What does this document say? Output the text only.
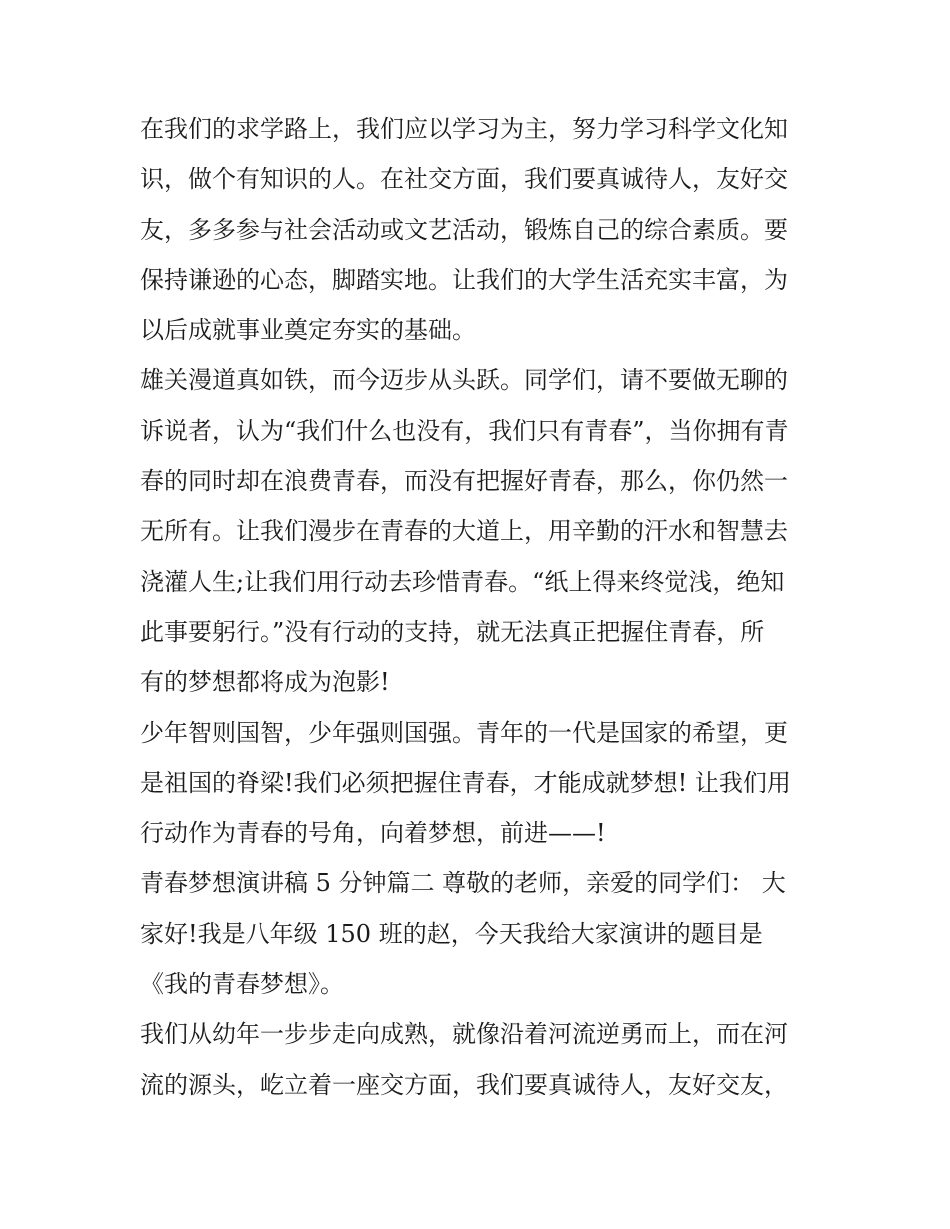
在我们的求学路上，我们应以学习为主，努力学习科学文化知
识，做个有知识的人。在社交方面，我们要真诚待人，友好交
友，多多参与社会活动或文艺活动，锻炼自己的综合素质。要
保持谦逊的心态，脚踏实地。让我们的大学生活充实丰富，为
以后成就事业奠定夯实的基础。
雄关漫道真如铁，而今迈步从头跃。同学们，请不要做无聊的
诉说者，认为“我们什么也没有，我们只有青春”，当你拥有青
春的同时却在浪费青春，而没有把握好青春，那么，你仍然一
无所有。让我们漫步在青春的大道上，用辛勤的汗水和智慧去
浇灌人生;让我们用行动去珍惜青春。“纸上得来终觉浅，绝知
此事要躬行。”没有行动的支持，就无法真正把握住青春，所
有的梦想都将成为泡影!
少年智则国智，少年强则国强。青年的一代是国家的希望，更
是祖国的脊梁!我们必须把握住青春，才能成就梦想! 让我们用
行动作为青春的号角，向着梦想，前进——!
青春梦想演讲稿 5 分钟篇二 尊敬的老师，亲爱的同学们： 大
家好!我是八年级 150 班的赵，今天我给大家演讲的题目是
《我的青春梦想》。
我们从幼年一步步走向成熟，就像沿着河流逆勇而上，而在河
流的源头，屹立着一座交方面，我们要真诚待人，友好交友，
